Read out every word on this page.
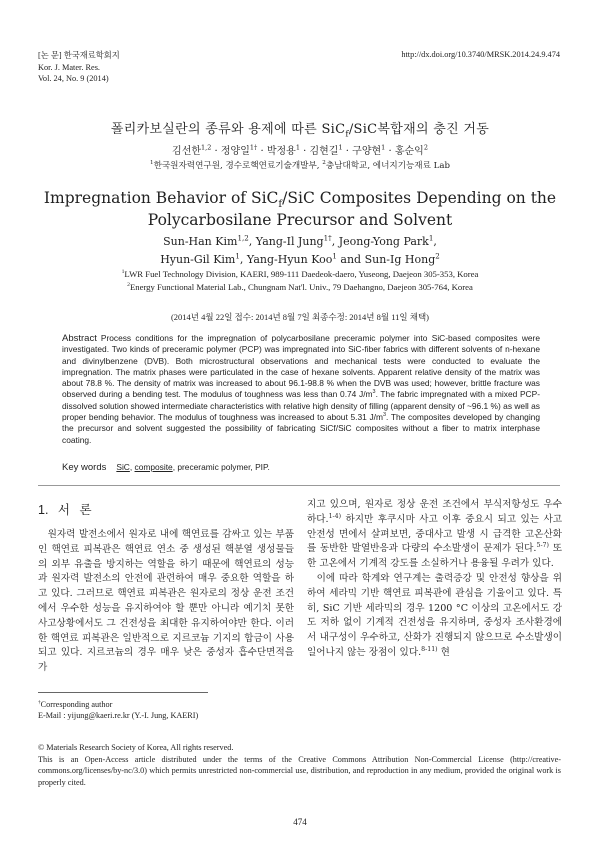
[논 문] 한국재료학회지
Kor. J. Mater. Res.
Vol. 24, No. 9 (2014)
http://dx.doi.org/10.3740/MRSK.2014.24.9.474
폴리카보실란의 종류와 용제에 따른 SiC$_f$/SiC복합재의 충진 거동
김선한$^{1,2}$ · 정양일$^{1\dagger}$ · 박정용$^1$ · 김현길$^1$ · 구양현$^1$ · 홍순익$^2$
$^1$한국원자력연구원, 경수로핵연료기술개발부, $^2$충남대학교, 에너지기능재료 Lab
Impregnation Behavior of SiC$_f$/SiC Composites Depending on the
Polycarbosilane Precursor and Solvent
Sun-Han Kim$^{1,2}$, Yang-Il Jung$^{1\dagger}$, Jeong-Yong Park$^1$,
Hyun-Gil Kim$^1$, Yang-Hyun Koo$^1$ and Sun-Ig Hong$^2$
$^1$LWR Fuel Technology Division, KAERI, 989-111 Daedeok-daero, Yuseong, Daejeon 305-353, Korea
$^2$Energy Functional Material Lab., Chungnam Nat'l. Univ., 79 Daehangno, Daejeon 305-764, Korea
(2014년 4월 22일 접수: 2014년 8월 7일 최종수정: 2014년 8월 11일 채택)
Abstract Process conditions for the impregnation of polycarbosilane preceramic polymer into SiC-based composites were investigated. Two kinds of preceramic polymer (PCP) was impregnated into SiC-fiber fabrics with different solvents of n-hexane and divinylbenzene (DVB). Both microstructural observations and mechanical tests were conducted to evaluate the impregnation. The matrix phases were particulated in the case of hexane solvents. Apparent relative density of the matrix was about 78.8 %. The density of matrix was increased to about 96.1-98.8 % when the DVB was used; however, brittle fracture was observed during a bending test. The modulus of toughness was less than 0.74 $J/m^3$. The fabric impregnated with a mixed PCP-dissolved solution showed intermediate characteristics with relative high density of filling (apparent density of ~96.1 %) as well as proper bending behavior. The modulus of toughness was increased to about 5.31 $J/m^3$. The composites developed by changing the precursor and solvent suggested the possibility of fabricating SiCf/SiC composites without a fiber to matrix interphase coating.
Key words SiC, composite, preceramic polymer, PIP.
1. 서 론

원자력 발전소에서 원자로 내에 핵연료를 감싸고 있는 부품인 핵연료 피복관은 핵연료 연소 중 생성된 핵분열 생성물들의 외부 유출을 방지하는 역할을 하기 때문에 핵연료의 성능과 원자력 발전소의 안전에 관련하여 매우 중요한 역할을 하고 있다. 그러므로 핵연료 피복관은 원자로의 정상 운전 조건에서 우수한 성능을 유지하여야 할 뿐만 아니라 예기치 못한 사고상황에서도 그 건전성을 최대한 유지하여야만 한다. 이러한 핵연료 피복관은 일반적으로 지르코늄 기지의 합금이 사용되고 있다. 지르코늄의 경우 매우 낮은 중성자 흡수단면적을 가

지고 있으며, 원자로 정상 운전 조건에서 부식저항성도 우수하다.$^{1-4)}$ 하지만 후쿠시마 사고 이후 중요시 되고 있는 사고 안전성 면에서 살펴보면, 중대사고 발생 시 급격한 고온산화를 동반한 발열반응과 다량의 수소발생이 문제가 된다.$^{5-7)}$ 또한 고온에서 기계적 강도를 소실하거나 용융될 우려가 있다.

이에 따라 학계와 연구계는 출력증강 및 안전성 향상을 위하여 세라믹 기반 핵연료 피복관에 관심을 기울이고 있다. 특히, SiC 기반 세라믹의 경우 1200 °C 이상의 고온에서도 강도 저하 없이 기계적 건전성을 유지하며, 중성자 조사환경에서 내구성이 우수하고, 산화가 진행되지 않으므로 수소발생이 일어나지 않는 장점이 있다.$^{8-11)}$ 현

†Corresponding author
E-Mail : yijung@kaeri.re.kr (Y.-I. Jung, KAERI)
© Materials Research Society of Korea, All rights reserved.
This is an Open-Access article distributed under the terms of the Creative Commons Attribution Non-Commercial License (http://creative-commons.org/licenses/by-nc/3.0) which permits unrestricted non-commercial use, distribution, and reproduction in any medium, provided the original work is properly cited.
474
